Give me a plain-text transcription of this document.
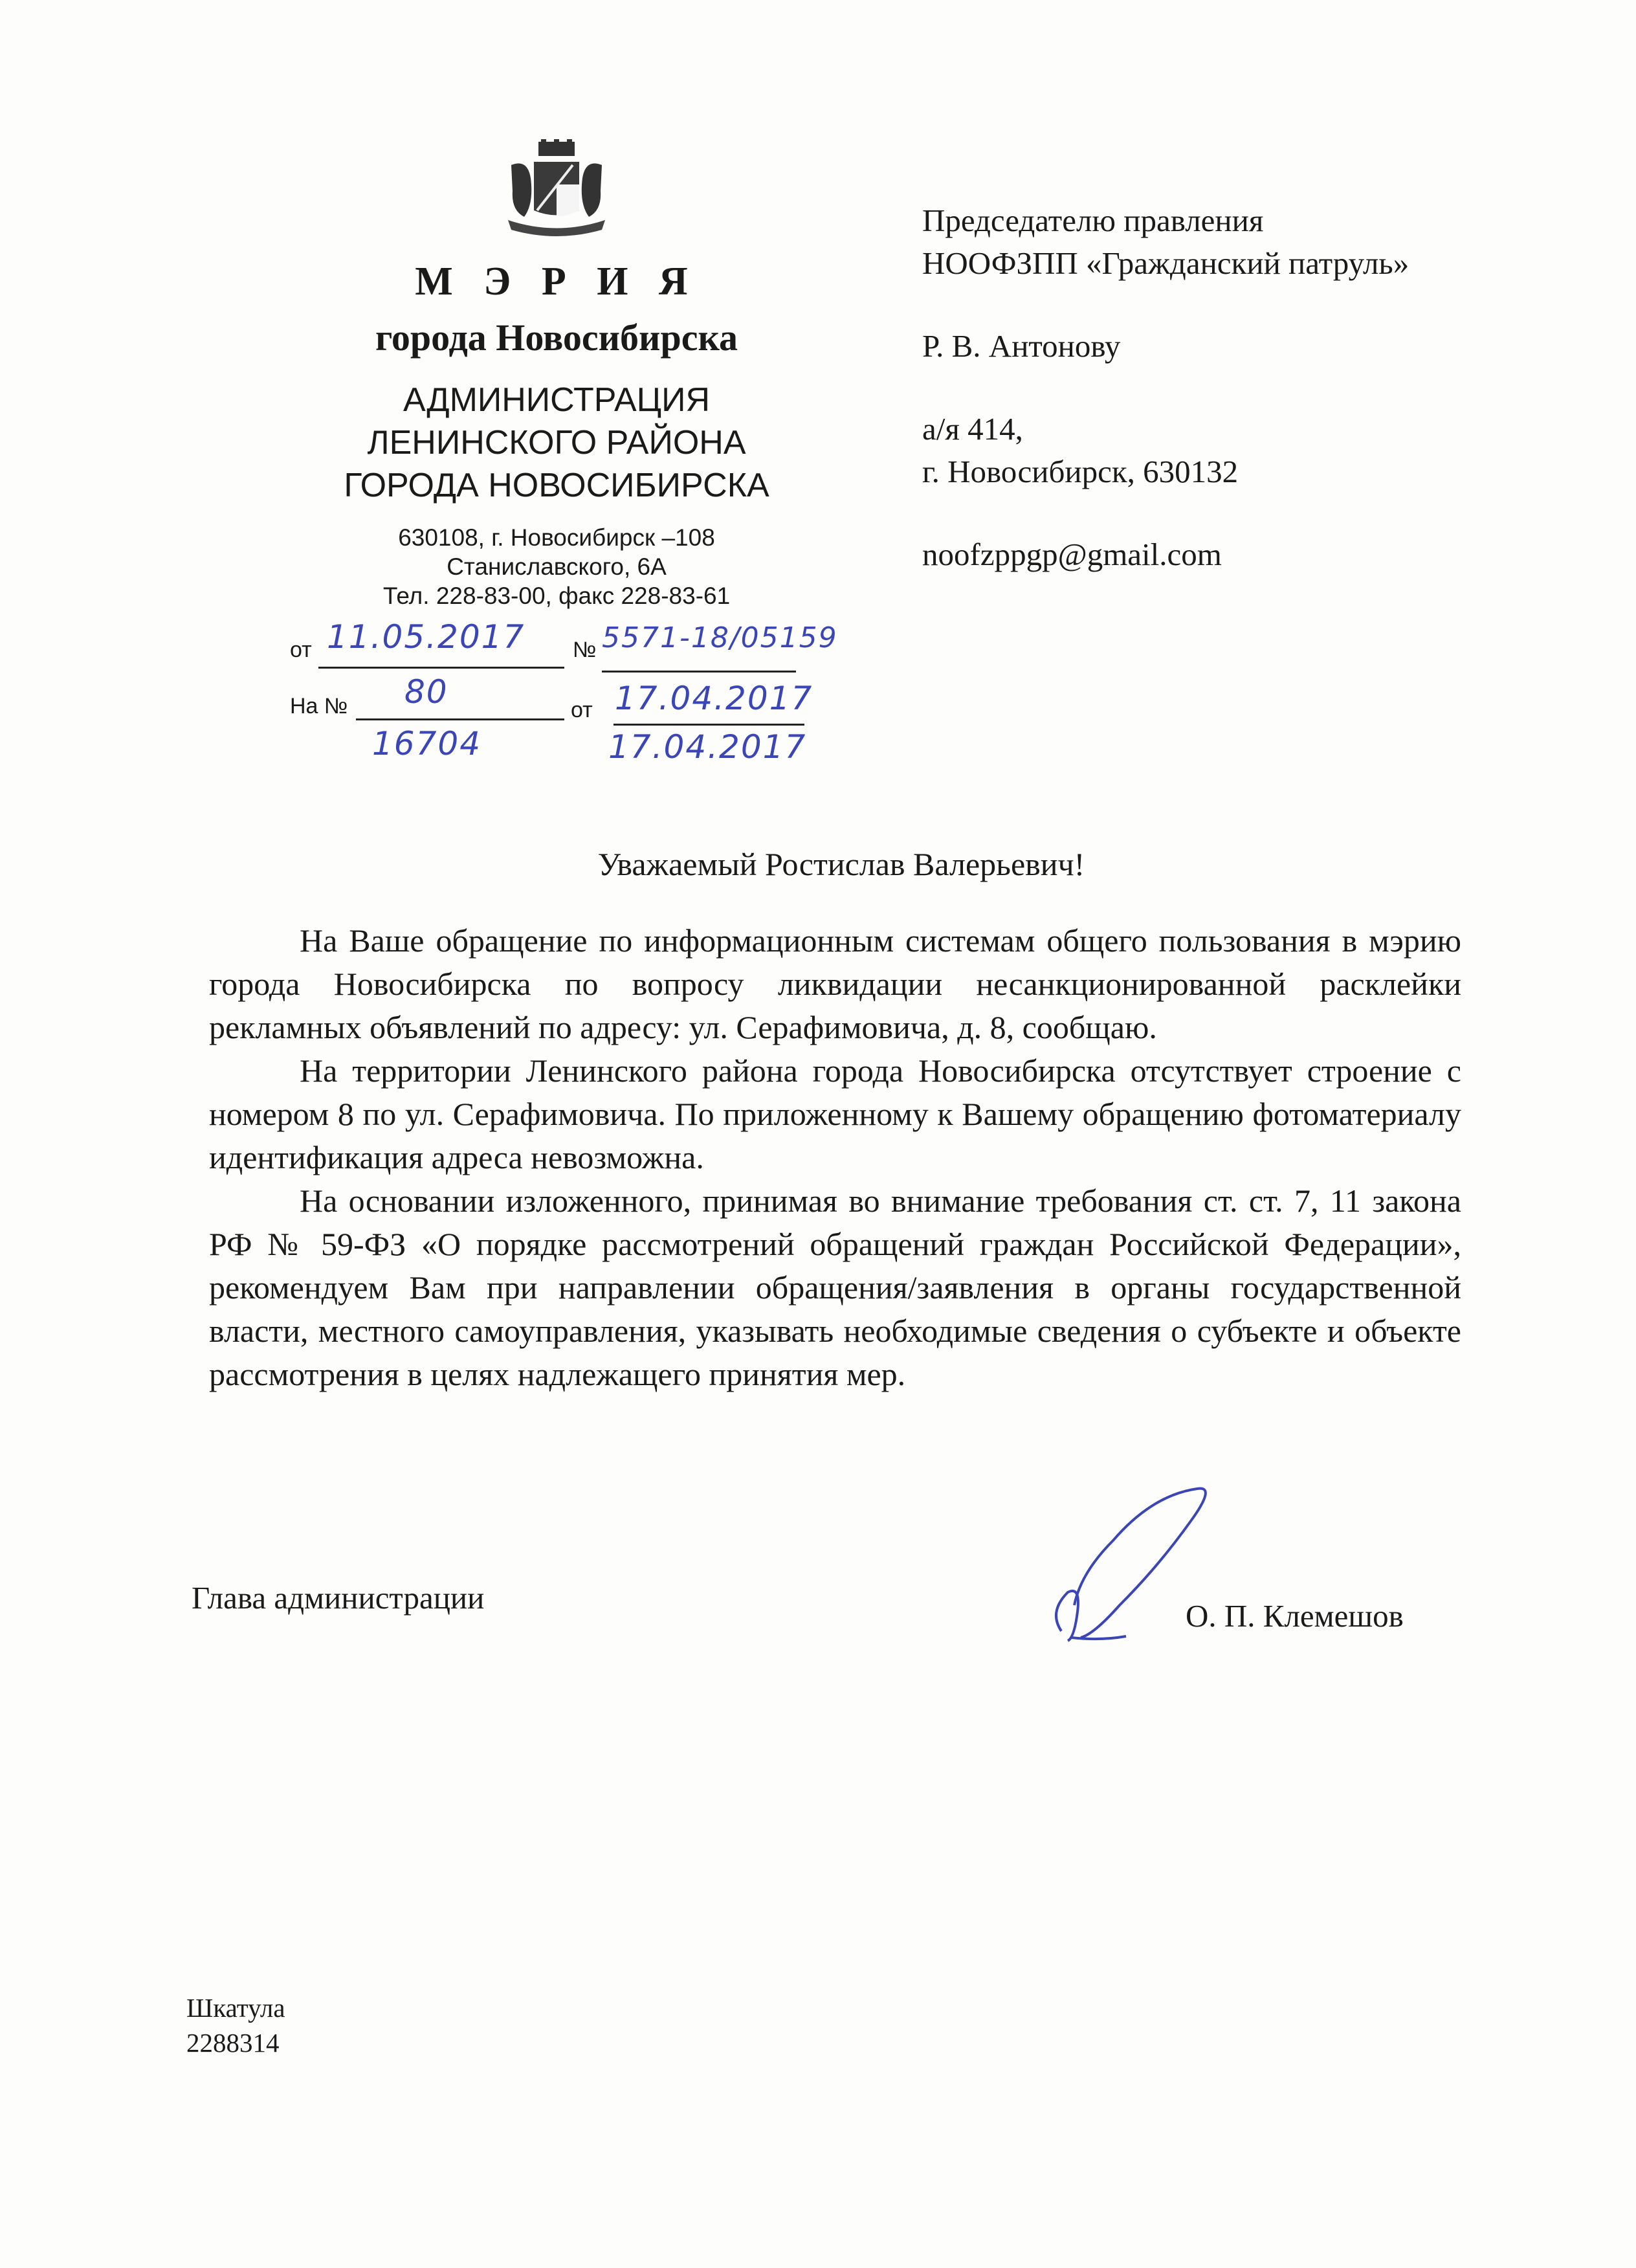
М Э Р И Я
города Новосибирска
АДМИНИСТРАЦИЯ
ЛЕНИНСКОГО РАЙОНА
ГОРОДА НОВОСИБИРСКА
630108, г. Новосибирск –108
Станиславского, 6А
Тел. 228-83-00, факс 228-83-61
от 11.05.2017 № 5571-18/05159
На № 80
16704
от 17.04.2017
17.04.2017
Председателю правления
НООФЗПП «Гражданский патруль»
Р. В. Антонову
а/я 414,
г. Новосибирск, 630132
noofzppgp@gmail.com
Уважаемый Ростислав Валерьевич!

На Ваше обращение по информационным системам общего пользования в мэрию города Новосибирска по вопросу ликвидации несанкционированной расклейки рекламных объявлений по адресу: ул. Серафимовича, д. 8, сообщаю.

На территории Ленинского района города Новосибирска отсутствует строение с номером 8 по ул. Серафимовича. По приложенному к Вашему обращению фотоматериалу идентификация адреса невозможна.

На основании изложенного, принимая во внимание требования ст. ст. 7, 11 закона РФ № 59-ФЗ «О порядке рассмотрений обращений граждан Российской Федерации», рекомендуем Вам при направлении обращения/заявления в органы государственной власти, местного самоуправления, указывать необходимые сведения о субъекте и объекте рассмотрения в целях надлежащего принятия мер.

Глава администрации
О. П. Клемешов
Шкатула
2288314
